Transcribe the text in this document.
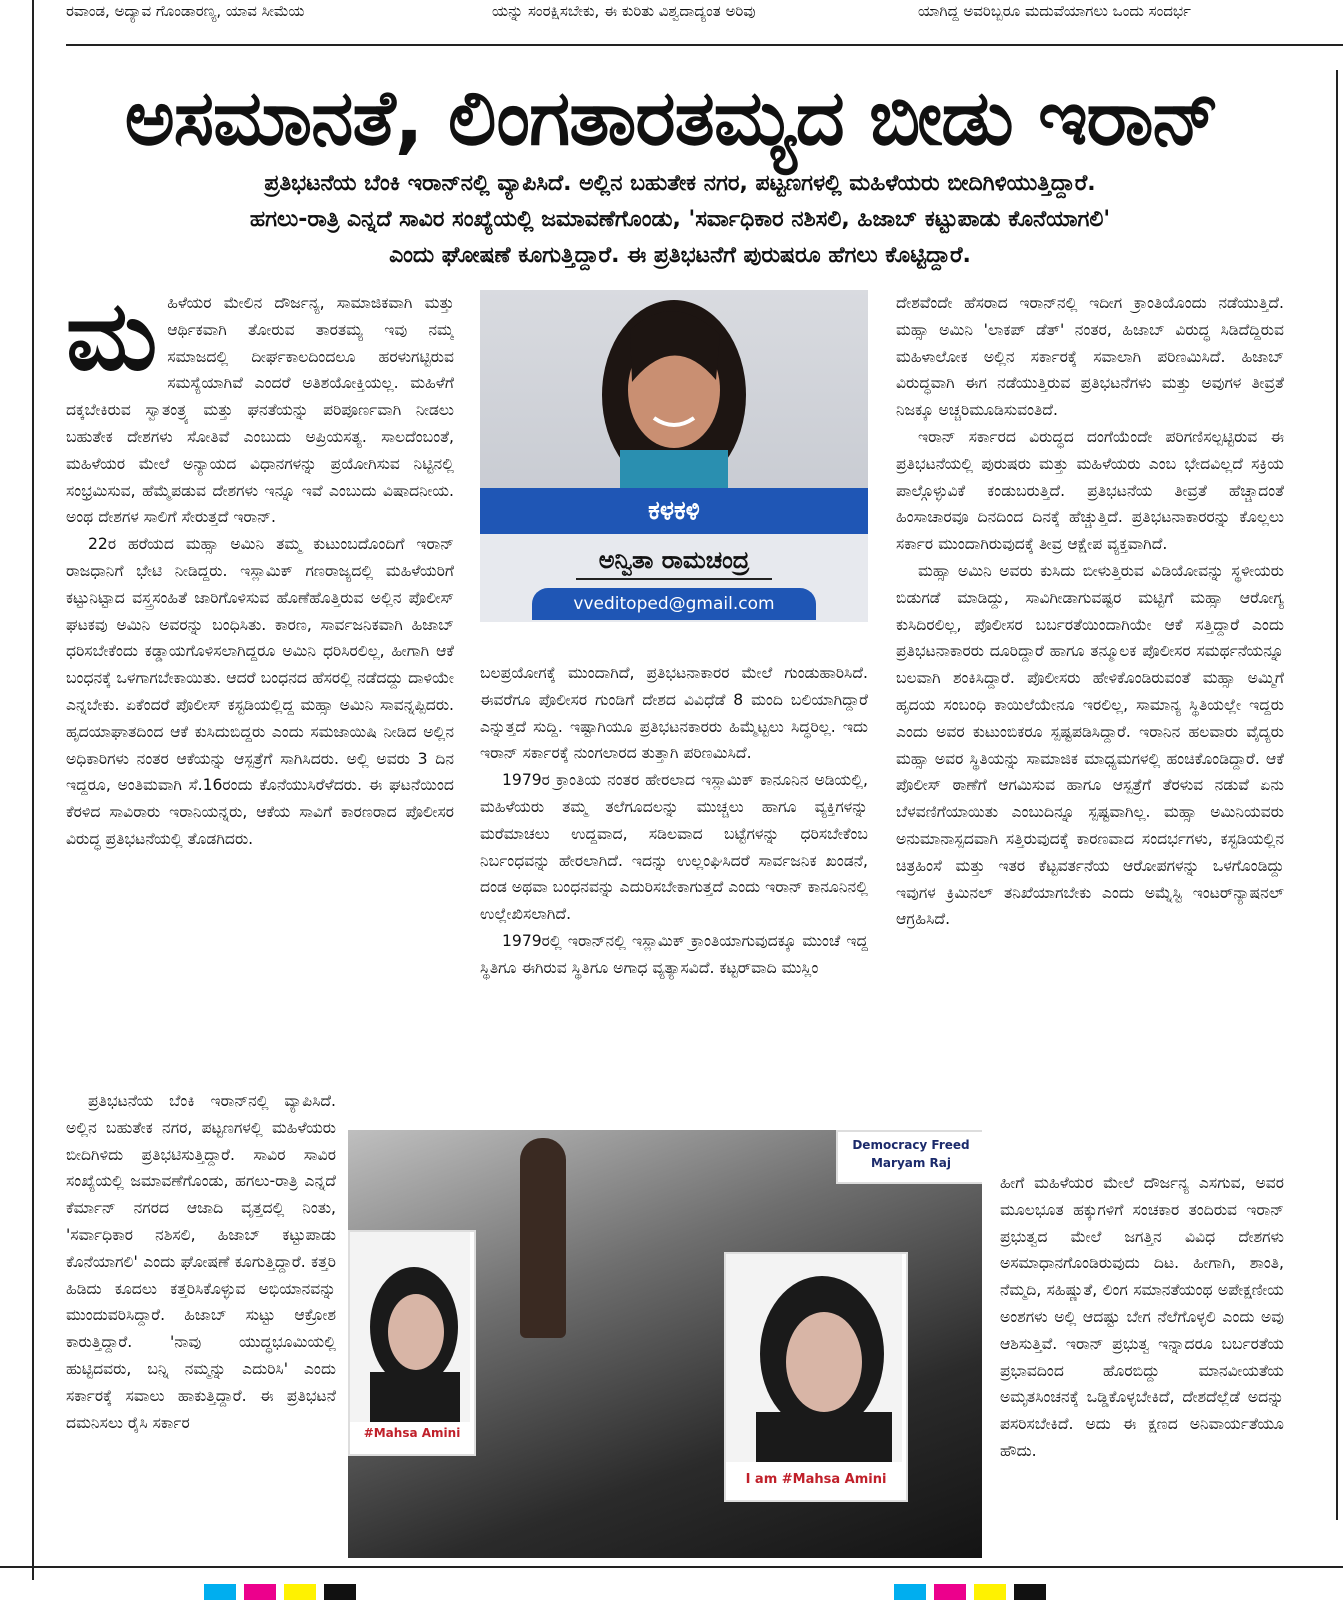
ರವಾಂಡ, ಅದ್ಯಾವ ಗೊಂಡಾರಣ್ಯ, ಯಾವ ಸೀಮೆಯ	ಯನ್ನು ಸಂರಕ್ಷಿಸಬೇಕು, ಈ ಕುರಿತು ವಿಶ್ವದಾದ್ಯಂತ ಅರಿವು	ಯಾಗಿದ್ದ ಅವರಿಬ್ಬರೂ ಮದುವೆಯಾಗಲು ಒಂದು ಸಂದರ್ಭ
ಅಸಮಾನತೆ, ಲಿಂಗತಾರತಮ್ಯದ ಬೀಡು ಇರಾನ್
ಪ್ರತಿಭಟನೆಯ ಬೆಂಕಿ ಇರಾನ್‌ನಲ್ಲಿ ವ್ಯಾಪಿಸಿದೆ. ಅಲ್ಲಿನ ಬಹುತೇಕ ನಗರ, ಪಟ್ಟಣಗಳಲ್ಲಿ ಮಹಿಳೆಯರು ಬೀದಿಗಿಳಿಯುತ್ತಿದ್ದಾರೆ.
ಹಗಲು-ರಾತ್ರಿ ಎನ್ನದೆ ಸಾವಿರ ಸಂಖ್ಯೆಯಲ್ಲಿ ಜಮಾವಣೆಗೊಂಡು, 'ಸರ್ವಾಧಿಕಾರ ನಶಿಸಲಿ, ಹಿಜಾಬ್ ಕಟ್ಟುಪಾಡು ಕೊನೆಯಾಗಲಿ'
ಎಂದು ಘೋಷಣೆ ಕೂಗುತ್ತಿದ್ದಾರೆ. ಈ ಪ್ರತಿಭಟನೆಗೆ ಪುರುಷರೂ ಹೆಗಲು ಕೊಟ್ಟಿದ್ದಾರೆ.
ಮ ಹಿಳೆಯರ ಮೇಲಿನ ದೌರ್ಜನ್ಯ, ಸಾಮಾಜಿಕವಾಗಿ ಮತ್ತು ಆರ್ಥಿಕವಾಗಿ ತೋರುವ ತಾರತಮ್ಯ ಇವು ನಮ್ಮ ಸಮಾಜದಲ್ಲಿ ದೀರ್ಘಕಾಲದಿಂದಲೂ ಹರಳುಗಟ್ಟಿರುವ ಸಮಸ್ಯೆಯಾಗಿವೆ ಎಂದರೆ ಅತಿಶಯೋಕ್ತಿಯಲ್ಲ. ಮಹಿಳೆಗೆ ದಕ್ಕಬೇಕಿರುವ ಸ್ವಾತಂತ್ರ್ಯ ಮತ್ತು ಘನತೆಯನ್ನು ಪರಿಪೂರ್ಣವಾಗಿ ನೀಡಲು ಬಹುತೇಕ ದೇಶಗಳು ಸೋತಿವೆ ಎಂಬುದು ಅಪ್ರಿಯಸತ್ಯ. ಸಾಲದೆಂಬಂತೆ, ಮಹಿಳೆಯರ ಮೇಲೆ ಅನ್ಯಾಯದ ವಿಧಾನಗಳನ್ನು ಪ್ರಯೋಗಿಸುವ ನಿಟ್ಟಿನಲ್ಲಿ ಸಂಭ್ರಮಿಸುವ, ಹೆಮ್ಮೆಪಡುವ ದೇಶಗಳು ಇನ್ನೂ ಇವೆ ಎಂಬುದು ವಿಷಾದನೀಯ. ಅಂಥ ದೇಶಗಳ ಸಾಲಿಗೆ ಸೇರುತ್ತದೆ ಇರಾನ್.

22ರ ಹರೆಯದ ಮಹ್ಸಾ ಅಮಿನಿ ತಮ್ಮ ಕುಟುಂಬದೊಂದಿಗೆ ಇರಾನ್ ರಾಜಧಾನಿಗೆ ಭೇಟಿ ನೀಡಿದ್ದರು. ಇಸ್ಲಾಮಿಕ್ ಗಣರಾಜ್ಯದಲ್ಲಿ ಮಹಿಳೆಯರಿಗೆ ಕಟ್ಟುನಿಟ್ಟಾದ ವಸ್ತ್ರಸಂಹಿತೆ ಜಾರಿಗೊಳಿಸುವ ಹೊಣೆಹೊತ್ತಿರುವ ಅಲ್ಲಿನ ಪೊಲೀಸ್ ಘಟಕವು ಅಮಿನಿ ಅವರನ್ನು ಬಂಧಿಸಿತು. ಕಾರಣ, ಸಾರ್ವಜನಿಕವಾಗಿ ಹಿಜಾಬ್ ಧರಿಸಬೇಕೆಂದು ಕಡ್ಡಾಯಗೊಳಿಸಲಾಗಿದ್ದರೂ ಅಮಿನಿ ಧರಿಸಿರಲಿಲ್ಲ, ಹೀಗಾಗಿ ಆಕೆ ಬಂಧನಕ್ಕೆ ಒಳಗಾಗಬೇಕಾಯಿತು. ಆದರೆ ಬಂಧನದ ಹೆಸರಲ್ಲಿ ನಡೆದದ್ದು ದಾಳಿಯೇ ಎನ್ನಬೇಕು. ಏಕೆಂದರೆ ಪೊಲೀಸ್ ಕಸ್ಟಡಿಯಲ್ಲಿದ್ದ ಮಹ್ಸಾ ಅಮಿನಿ ಸಾವನ್ನಪ್ಪಿದರು. ಹೃದಯಾಘಾತದಿಂದ ಆಕೆ ಕುಸಿದುಬಿದ್ದರು ಎಂದು ಸಮಜಾಯಿಷಿ ನೀಡಿದ ಅಲ್ಲಿನ ಅಧಿಕಾರಿಗಳು ನಂತರ ಆಕೆಯನ್ನು ಆಸ್ಪತ್ರೆಗೆ ಸಾಗಿಸಿದರು. ಅಲ್ಲಿ ಅವರು 3 ದಿನ ಇದ್ದರೂ, ಅಂತಿಮವಾಗಿ ಸೆ.16ರಂದು ಕೊನೆಯುಸಿರೆಳೆದರು. ಈ ಘಟನೆಯಿಂದ ಕೆರಳಿದ ಸಾವಿರಾರು ಇರಾನಿಯನ್ನರು, ಆಕೆಯ ಸಾವಿಗೆ ಕಾರಣರಾದ ಪೊಲೀಸರ ವಿರುದ್ಧ ಪ್ರತಿಭಟನೆಯಲ್ಲಿ ತೊಡಗಿದರು.

ಪ್ರತಿಭಟನೆಯ ಬೆಂಕಿ ಇರಾನ್‌ನಲ್ಲಿ ವ್ಯಾಪಿಸಿದೆ. ಅಲ್ಲಿನ ಬಹುತೇಕ ನಗರ, ಪಟ್ಟಣಗಳಲ್ಲಿ ಮಹಿಳೆಯರು ಬೀದಿಗಿಳಿದು ಪ್ರತಿಭಟಿಸುತ್ತಿದ್ದಾರೆ. ಸಾವಿರ ಸಾವಿರ ಸಂಖ್ಯೆಯಲ್ಲಿ ಜಮಾವಣೆಗೊಂಡು, ಹಗಲು-ರಾತ್ರಿ ಎನ್ನದೆ ಕೆರ್ಮಾನ್ ನಗರದ ಆಜಾದಿ ವೃತ್ತದಲ್ಲಿ ನಿಂತು, 'ಸರ್ವಾಧಿಕಾರ ನಶಿಸಲಿ, ಹಿಜಾಬ್ ಕಟ್ಟುಪಾಡು ಕೊನೆಯಾಗಲಿ' ಎಂದು ಘೋಷಣೆ ಕೂಗುತ್ತಿದ್ದಾರೆ. ಕತ್ತರಿ ಹಿಡಿದು ಕೂದಲು ಕತ್ತರಿಸಿಕೊಳ್ಳುವ ಅಭಿಯಾನವನ್ನು ಮುಂದುವರಿಸಿದ್ದಾರೆ. ಹಿಜಾಬ್ ಸುಟ್ಟು ಆಕ್ರೋಶ ಕಾರುತ್ತಿದ್ದಾರೆ. 'ನಾವು ಯುದ್ಧಭೂಮಿಯಲ್ಲಿ ಹುಟ್ಟಿದವರು, ಬನ್ನಿ ನಮ್ಮನ್ನು ಎದುರಿಸಿ' ಎಂದು ಸರ್ಕಾರಕ್ಕೆ ಸವಾಲು ಹಾಕುತ್ತಿದ್ದಾರೆ. ಈ ಪ್ರತಿಭಟನೆ ದಮನಿಸಲು ರೈಸಿ ಸರ್ಕಾರ

ಕಳಕಳಿ
ಅನ್ವಿತಾ ರಾಮಚಂದ್ರ
vveditoped@gmail.com

ಬಲಪ್ರಯೋಗಕ್ಕೆ ಮುಂದಾಗಿದೆ, ಪ್ರತಿಭಟನಾಕಾರರ ಮೇಲೆ ಗುಂಡುಹಾರಿಸಿದೆ. ಈವರೆಗೂ ಪೊಲೀಸರ ಗುಂಡಿಗೆ ದೇಶದ ವಿವಿಧೆಡೆ 8 ಮಂದಿ ಬಲಿಯಾಗಿದ್ದಾರೆ ಎನ್ನುತ್ತದೆ ಸುದ್ದಿ. ಇಷ್ಟಾಗಿಯೂ ಪ್ರತಿಭಟನಕಾರರು ಹಿಮ್ಮೆಟ್ಟಲು ಸಿದ್ಧರಿಲ್ಲ. ಇದು ಇರಾನ್ ಸರ್ಕಾರಕ್ಕೆ ನುಂಗಲಾರದ ತುತ್ತಾಗಿ ಪರಿಣಮಿಸಿದೆ.

1979ರ ಕ್ರಾಂತಿಯ ನಂತರ ಹೇರಲಾದ ಇಸ್ಲಾಮಿಕ್ ಕಾನೂನಿನ ಅಡಿಯಲ್ಲಿ, ಮಹಿಳೆಯರು ತಮ್ಮ ತಲೆಗೂದಲನ್ನು ಮುಚ್ಚಲು ಹಾಗೂ ವ್ಯಕ್ತಿಗಳನ್ನು ಮರೆಮಾಚಲು ಉದ್ದವಾದ, ಸಡಿಲವಾದ ಬಟ್ಟೆಗಳನ್ನು ಧರಿಸಬೇಕೆಂಬ ನಿರ್ಬಂಧವನ್ನು ಹೇರಲಾಗಿದೆ. ಇದನ್ನು ಉಲ್ಲಂಘಿಸಿದರೆ ಸಾರ್ವಜನಿಕ ಖಂಡನೆ, ದಂಡ ಅಥವಾ ಬಂಧನವನ್ನು ಎದುರಿಸಬೇಕಾಗುತ್ತದೆ ಎಂದು ಇರಾನ್ ಕಾನೂನಿನಲ್ಲಿ ಉಲ್ಲೇಖಿಸಲಾಗಿದೆ.

1979ರಲ್ಲಿ ಇರಾನ್‌ನಲ್ಲಿ ಇಸ್ಲಾಮಿಕ್ ಕ್ರಾಂತಿಯಾಗುವುದಕ್ಕೂ ಮುಂಚೆ ಇದ್ದ ಸ್ಥಿತಿಗೂ ಈಗಿರುವ ಸ್ಥಿತಿಗೂ ಅಗಾಧ ವ್ಯತ್ಯಾಸವಿದೆ. ಕಟ್ಟರ್‌ವಾದಿ ಮುಸ್ಲಿಂ

Democracy Freed
Maryam Raj
#Mahsa Amini
I am #Mahsa Amini

ದೇಶವೆಂದೇ ಹೆಸರಾದ ಇರಾನ್‌ನಲ್ಲಿ ಇದೀಗ ಕ್ರಾಂತಿಯೊಂದು ನಡೆಯುತ್ತಿದೆ. ಮಹ್ಸಾ ಅಮಿನಿ 'ಲಾಕಪ್ ಡೆತ್' ನಂತರ, ಹಿಜಾಬ್ ವಿರುದ್ಧ ಸಿಡಿದೆದ್ದಿರುವ ಮಹಿಳಾಲೋಕ ಅಲ್ಲಿನ ಸರ್ಕಾರಕ್ಕೆ ಸವಾಲಾಗಿ ಪರಿಣಮಿಸಿದೆ. ಹಿಜಾಬ್ ವಿರುದ್ಧವಾಗಿ ಈಗ ನಡೆಯುತ್ತಿರುವ ಪ್ರತಿಭಟನೆಗಳು ಮತ್ತು ಅವುಗಳ ತೀವ್ರತೆ ನಿಜಕ್ಕೂ ಅಚ್ಚರಿಮೂಡಿಸುವಂತಿದೆ.

ಇರಾನ್ ಸರ್ಕಾರದ ವಿರುದ್ಧದ ದಂಗೆಯೆಂದೇ ಪರಿಗಣಿಸಲ್ಪಟ್ಟಿರುವ ಈ ಪ್ರತಿಭಟನೆಯಲ್ಲಿ ಪುರುಷರು ಮತ್ತು ಮಹಿಳೆಯರು ಎಂಬ ಭೇದವಿಲ್ಲದೆ ಸಕ್ರಿಯ ಪಾಲ್ಗೊಳ್ಳುವಿಕೆ ಕಂಡುಬರುತ್ತಿದೆ. ಪ್ರತಿಭಟನೆಯ ತೀವ್ರತೆ ಹೆಚ್ಚಾದಂತೆ ಹಿಂಸಾಚಾರವೂ ದಿನದಿಂದ ದಿನಕ್ಕೆ ಹೆಚ್ಚುತ್ತಿದೆ. ಪ್ರತಿಭಟನಾಕಾರರನ್ನು ಕೊಲ್ಲಲು ಸರ್ಕಾರ ಮುಂದಾಗಿರುವುದಕ್ಕೆ ತೀವ್ರ ಆಕ್ಷೇಪ ವ್ಯಕ್ತವಾಗಿದೆ.

ಮಹ್ಸಾ ಅಮಿನಿ ಅವರು ಕುಸಿದು ಬೀಳುತ್ತಿರುವ ವಿಡಿಯೋವನ್ನು ಸ್ಥಳೀಯರು ಬಿಡುಗಡೆ ಮಾಡಿದ್ದು, ಸಾವಿಗೀಡಾಗುವಷ್ಟರ ಮಟ್ಟಿಗೆ ಮಹ್ಸಾ ಆರೋಗ್ಯ ಕುಸಿದಿರಲಿಲ್ಲ, ಪೊಲೀಸರ ಬರ್ಬರತೆಯಿಂದಾಗಿಯೇ ಆಕೆ ಸತ್ತಿದ್ದಾರೆ ಎಂದು ಪ್ರತಿಭಟನಾಕಾರರು ದೂರಿದ್ದಾರೆ ಹಾಗೂ ತನ್ಮೂಲಕ ಪೊಲೀಸರ ಸಮರ್ಥನೆಯನ್ನೂ ಬಲವಾಗಿ ಶಂಕಿಸಿದ್ದಾರೆ. ಪೊಲೀಸರು ಹೇಳಿಕೊಂಡಿರುವಂತೆ ಮಹ್ಸಾ ಅಮ್ಮಿಗೆ ಹೃದಯ ಸಂಬಂಧಿ ಕಾಯಿಲೆಯೇನೂ ಇರಲಿಲ್ಲ, ಸಾಮಾನ್ಯ ಸ್ಥಿತಿಯಲ್ಲೇ ಇದ್ದರು ಎಂದು ಅವರ ಕುಟುಂಬಿಕರೂ ಸ್ಪಷ್ಟಪಡಿಸಿದ್ದಾರೆ. ಇರಾನಿನ ಹಲವಾರು ವೈದ್ಯರು ಮಹ್ಸಾ ಅವರ ಸ್ಥಿತಿಯನ್ನು ಸಾಮಾಜಿಕ ಮಾಧ್ಯಮಗಳಲ್ಲಿ ಹಂಚಿಕೊಂಡಿದ್ದಾರೆ. ಆಕೆ ಪೊಲೀಸ್ ಠಾಣೆಗೆ ಆಗಮಿಸುವ ಹಾಗೂ ಆಸ್ಪತ್ರೆಗೆ ತೆರಳುವ ನಡುವೆ ಏನು ಬೆಳವಣಿಗೆಯಾಯಿತು ಎಂಬುದಿನ್ನೂ ಸ್ಪಷ್ಟವಾಗಿಲ್ಲ. ಮಹ್ಸಾ ಅಮಿನಿಯವರು ಅನುಮಾನಾಸ್ಪದವಾಗಿ ಸತ್ತಿರುವುದಕ್ಕೆ ಕಾರಣವಾದ ಸಂದರ್ಭಗಳು, ಕಸ್ಟಡಿಯಲ್ಲಿನ ಚಿತ್ರಹಿಂಸೆ ಮತ್ತು ಇತರ ಕೆಟ್ಟವರ್ತನೆಯ ಆರೋಪಗಳನ್ನು ಒಳಗೊಂಡಿದ್ದು ಇವುಗಳ ಕ್ರಿಮಿನಲ್ ತನಿಖೆಯಾಗಬೇಕು ಎಂದು ಅಮ್ನೆಸ್ಟಿ ಇಂಟರ್‌ನ್ಯಾಷನಲ್ ಆಗ್ರಹಿಸಿದೆ.

ಹೀಗೆ ಮಹಿಳೆಯರ ಮೇಲೆ ದೌರ್ಜನ್ಯ ಎಸಗುವ, ಅವರ ಮೂಲಭೂತ ಹಕ್ಕುಗಳಿಗೆ ಸಂಚಕಾರ ತಂದಿರುವ ಇರಾನ್ ಪ್ರಭುತ್ವದ ಮೇಲೆ ಜಗತ್ತಿನ ವಿವಿಧ ದೇಶಗಳು ಅಸಮಾಧಾನಗೊಂಡಿರುವುದು ದಿಟ. ಹೀಗಾಗಿ, ಶಾಂತಿ, ನೆಮ್ಮದಿ, ಸಹಿಷ್ಣುತೆ, ಲಿಂಗ ಸಮಾನತೆಯಂಥ ಅಪೇಕ್ಷಣೀಯ ಅಂಶಗಳು ಅಲ್ಲಿ ಆದಷ್ಟು ಬೇಗ ನೆಲೆಗೊಳ್ಳಲಿ ಎಂದು ಅವು ಆಶಿಸುತ್ತಿವೆ. ಇರಾನ್ ಪ್ರಭುತ್ವ ಇನ್ನಾದರೂ ಬರ್ಬರತೆಯ ಪ್ರಭಾವದಿಂದ ಹೊರಬಿದ್ದು ಮಾನವೀಯತೆಯ ಅಮೃತಸಿಂಚನಕ್ಕೆ ಒಡ್ಡಿಕೊಳ್ಳಬೇಕಿದೆ, ದೇಶದೆಲ್ಲೆಡೆ ಅದನ್ನು ಪಸರಿಸಬೇಕಿದೆ. ಅದು ಈ ಕ್ಷಣದ ಅನಿವಾರ್ಯತೆಯೂ ಹೌದು.
